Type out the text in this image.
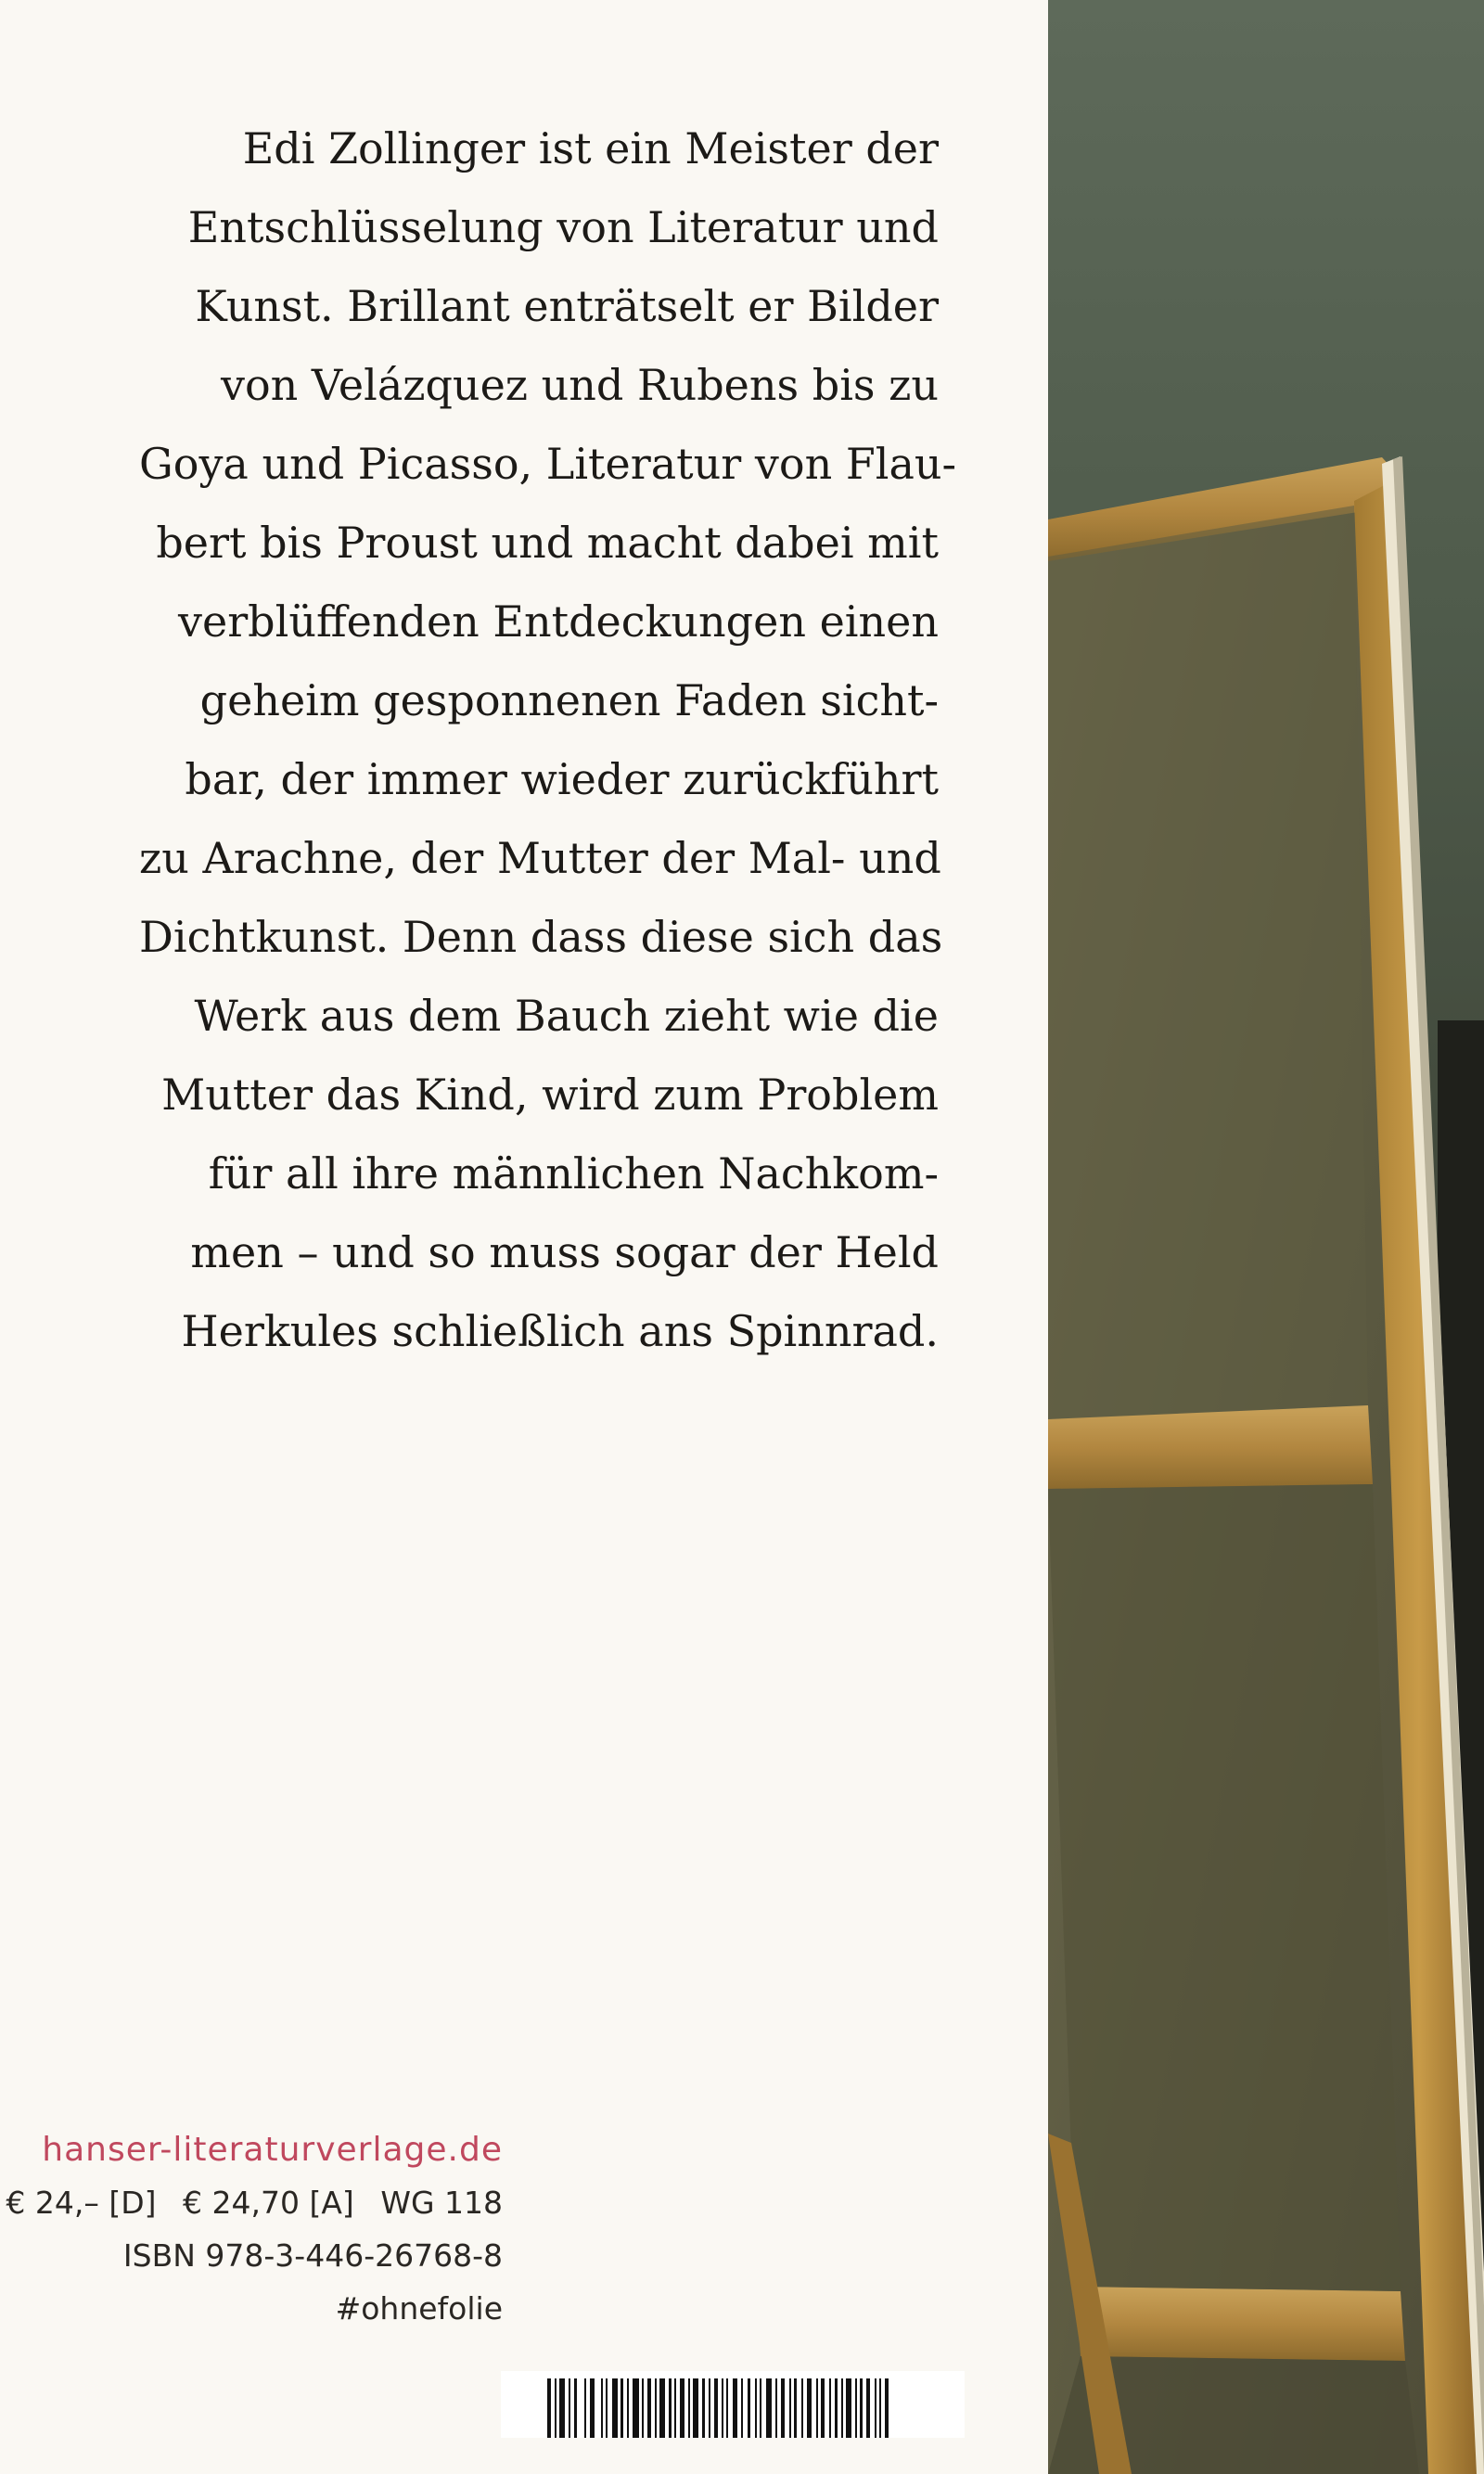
Edi Zollinger ist ein Meister der
Entschlüsselung von Literatur und
Kunst. Brillant enträtselt er Bilder
von Velázquez und Rubens bis zu
Goya und Picasso, Literatur von Flau-
bert bis Proust und macht dabei mit
verblüffenden Entdeckungen einen
geheim gesponnenen Faden sicht-
bar, der immer wieder zurückführt
zu Arachne, der Mutter der Mal- und
Dichtkunst. Denn dass diese sich das
Werk aus dem Bauch zieht wie die
Mutter das Kind, wird zum Problem
für all ihre männlichen Nachkom-
men – und so muss sogar der Held
Herkules schließlich ans Spinnrad.
hanser-literaturverlage.de
€ 24,– [D] € 24,70 [A] WG 118
ISBN 978-3-446-26768-8
#ohnefolie
